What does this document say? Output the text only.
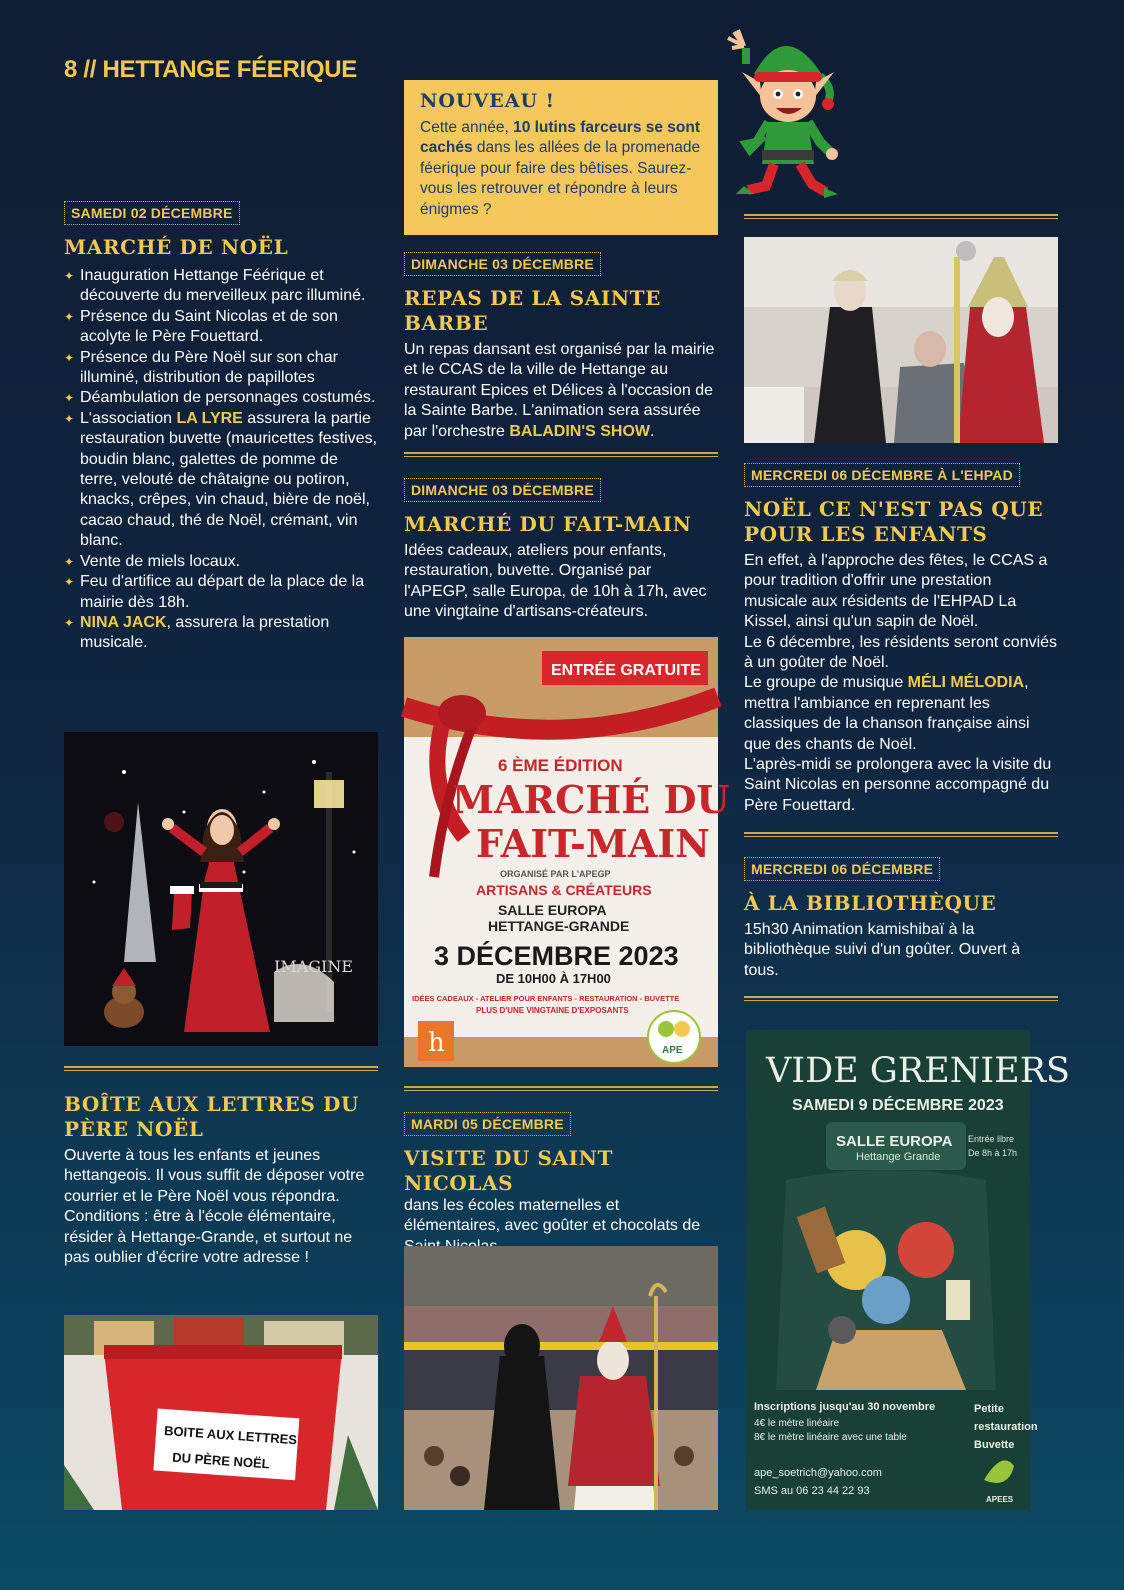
8 // HETTANGE FÉERIQUE
NOUVEAU !
Cette année, 10 lutins farceurs se sont cachés dans les allées de la promenade féerique pour faire des bêtises. Saurez-vous les retrouver et répondre à leurs énigmes ?
SAMEDI 02 DÉCEMBRE
MARCHÉ DE NOËL
✦ Inauguration Hettange Féérique et découverte du merveilleux parc illuminé.
✦ Présence du Saint Nicolas et de son acolyte le Père Fouettard.
✦ Présence du Père Noël sur son char illuminé, distribution de papillotes
✦ Déambulation de personnages costumés.
✦ L'association LA LYRE assurera la partie restauration buvette (mauricettes festives, boudin blanc, galettes de pomme de terre, velouté de châtaigne ou potiron, knacks, crêpes, vin chaud, bière de noël, cacao chaud, thé de Noël, crémant, vin blanc.
✦ Vente de miels locaux.
✦ Feu d'artifice au départ de la place de la mairie dès 18h.
✦ NINA JACK, assurera la prestation musicale.
IMAGINE
BOÎTE AUX LETTRES DU PÈRE NOËL
Ouverte à tous les enfants et jeunes hettangeois. Il vous suffit de déposer votre courrier et le Père Noël vous répondra. Conditions : être à l'école élémentaire, résider à Hettange-Grande, et surtout ne pas oublier d'écrire votre adresse !
BOITE AUX LETTRES
DU PÈRE NOËL
DIMANCHE 03 DÉCEMBRE
REPAS DE LA SAINTE BARBE
Un repas dansant est organisé par la mairie et le CCAS de la ville de Hettange au restaurant Epices et Délices à l'occasion de la Sainte Barbe. L'animation sera assurée par l'orchestre BALADIN'S SHOW.
DIMANCHE 03 DÉCEMBRE
MARCHÉ DU FAIT-MAIN
Idées cadeaux, ateliers pour enfants, restauration, buvette. Organisé par l'APEGP, salle Europa, de 10h à 17h, avec une vingtaine d'artisans-créateurs.
ENTRÉE GRATUITE
6 ÈME ÉDITION
MARCHÉ DU
FAIT-MAIN
ORGANISÉ PAR L'APEGP
ARTISANS & CRÉATEURS
SALLE EUROPA
HETTANGE-GRANDE
3 DÉCEMBRE 2023
DE 10H00 À 17H00
IDÉES CADEAUX - ATELIER POUR ENFANTS - RESTAURATION - BUVETTE
PLUS D'UNE VINGTAINE D'EXPOSANTS
h	APE
MARDI 05 DÉCEMBRE
VISITE DU SAINT NICOLAS
dans les écoles maternelles et élémentaires, avec goûter et chocolats de
MERCREDI 06 DÉCEMBRE À L'EHPAD
NOËL CE N'EST PAS QUE POUR LES ENFANTS
En effet, à l'approche des fêtes, le CCAS a pour tradition d'offrir une prestation musicale aux résidents de l'EHPAD La Kissel, ainsi qu'un sapin de Noël.
Le 6 décembre, les résidents seront conviés à un goûter de Noël.
Le groupe de musique MÉLI MÉLODIA, mettra l'ambiance en reprenant les classiques de la chanson française ainsi que des chants de Noël.
L'après-midi se prolongera avec la visite du Saint Nicolas en personne accompagné du Père Fouettard.
MERCREDI 06 DÉCEMBRE
À LA BIBLIOTHÈQUE
15h30 Animation kamishibaï à la bibliothèque suivi d'un goûter. Ouvert à tous.
VIDE GRENIERS
SAMEDI 9 DÉCEMBRE 2023
SALLE EUROPA
Hettange Grande
Entrée libre
De 8h à 17h
Inscriptions jusqu'au 30 novembre
4€ le mètre linéaire
8€ le mètre linéaire avec une table
Petite
restauration
Buvette
ape_soetrich@yahoo.com
SMS au 06 23 44 22 93
APEES
